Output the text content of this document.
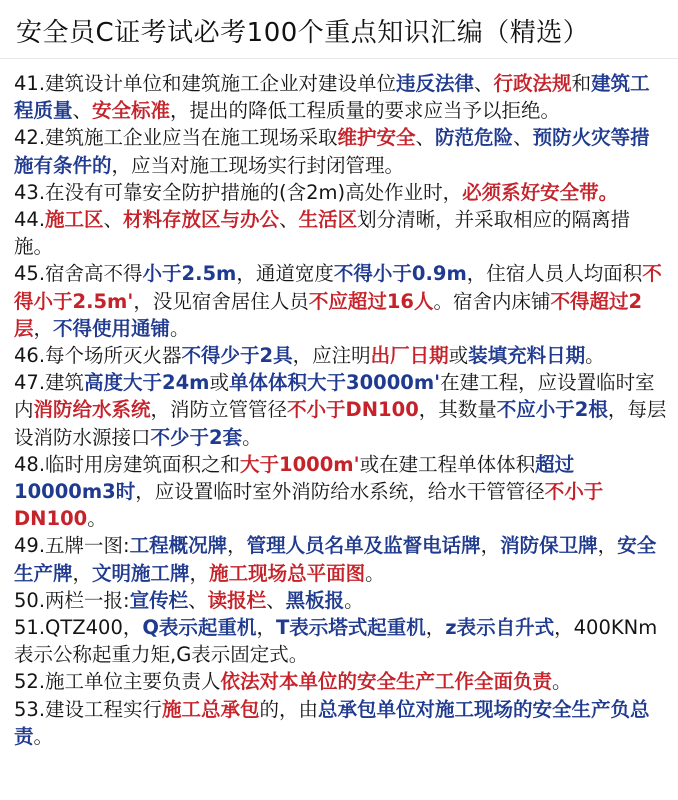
安全员C证考试必考100个重点知识汇编（精选）

41.建筑设计单位和建筑施工企业对建设单位违反法律、行政法规和建筑工程质量、安全标准，提出的降低工程质量的要求应当予以拒绝。

42.建筑施工企业应当在施工现场采取维护安全、防范危险、预防火灾等措施有条件的，应当对施工现场实行封闭管理。

43.在没有可靠安全防护措施的(含2m)高处作业时，必须系好安全带。

44.施工区、材料存放区与办公、生活区划分清晰，并采取相应的隔离措施。

45.宿舍高不得小于2.5m，通道宽度不得小于0.9m，住宿人员人均面积不得小于2.5m'，没见宿舍居住人员不应超过16人。宿舍内床铺不得超过2层，不得使用通铺。

46.每个场所灭火器不得少于2具，应注明出厂日期或装填充料日期。

47.建筑高度大于24m或单体体积大于30000m'在建工程，应设置临时室内消防给水系统，消防立管管径不小于DN100，其数量不应小于2根，每层设消防水源接口不少于2套。

48.临时用房建筑面积之和大于1000m'或在建工程单体体积超过10000m3时，应设置临时室外消防给水系统，给水干管管径不小于DN100。

49.五牌一图:工程概况牌，管理人员名单及监督电话牌，消防保卫牌，安全生产牌，文明施工牌，施工现场总平面图。

50.两栏一报:宣传栏、读报栏、黑板报。

51.QTZ400，Q表示起重机，T表示塔式起重机，z表示自升式，400KNm表示公称起重力矩,G表示固定式。

52.施工单位主要负责人依法对本单位的安全生产工作全面负责。

53.建设工程实行施工总承包的，由总承包单位对施工现场的安全生产负总责。
